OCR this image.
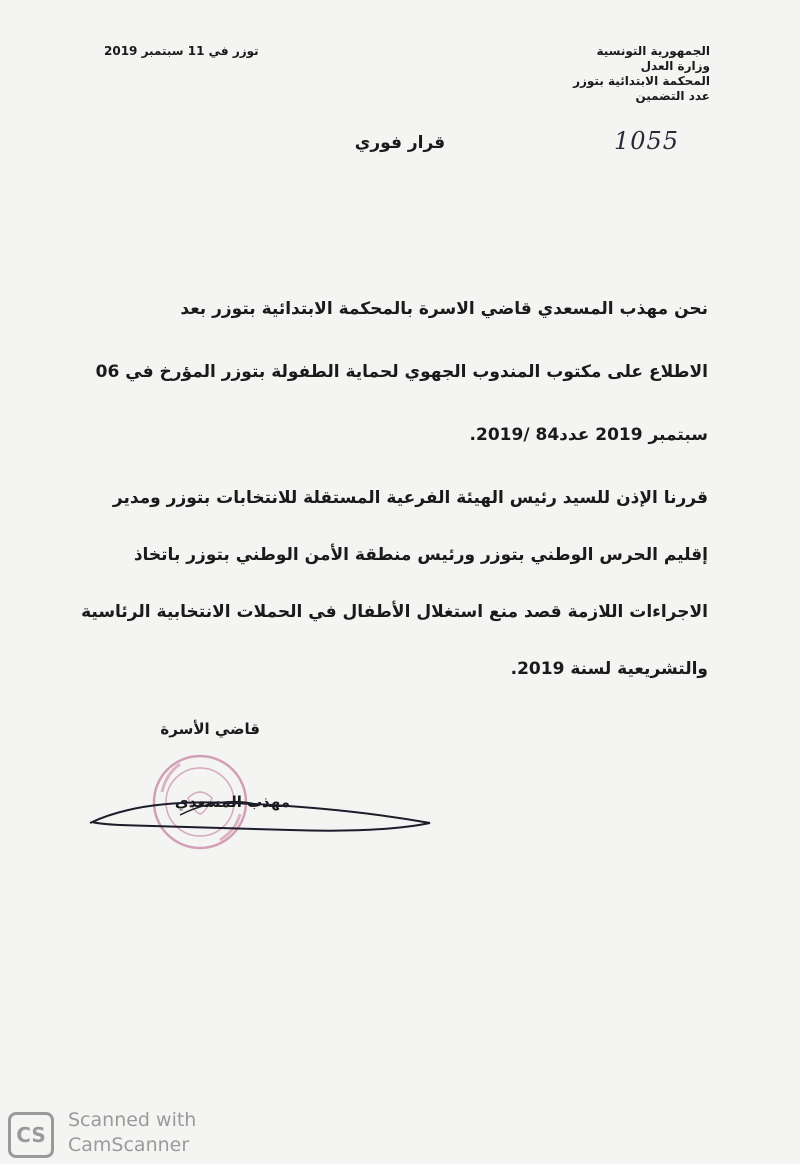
الجمهورية التونسية
وزارة العدل
المحكمة الابتدائية بتوزر
عدد التضمين
1055
توزر في 11 سبتمبر 2019
قرار فوري
نحن مهذب المسعدي قاضي الاسرة بالمحكمة الابتدائية بتوزر بعد
الاطلاع على مكتوب المندوب الجهوي لحماية الطفولة بتوزر المؤرخ في 06
سبتمبر 2019 عدد84 /2019.
قررنا الإذن للسيد رئيس الهيئة الفرعية المستقلة للانتخابات بتوزر ومدير
إقليم الحرس الوطني بتوزر ورئيس منطقة الأمن الوطني بتوزر باتخاذ
الاجراءات اللازمة قصد منع استغلال الأطفال في الحملات الانتخابية الرئاسية
والتشريعية لسنة 2019.
قاضي الأسرة
مهذب المسعدي
CS
Scanned with
CamScanner
